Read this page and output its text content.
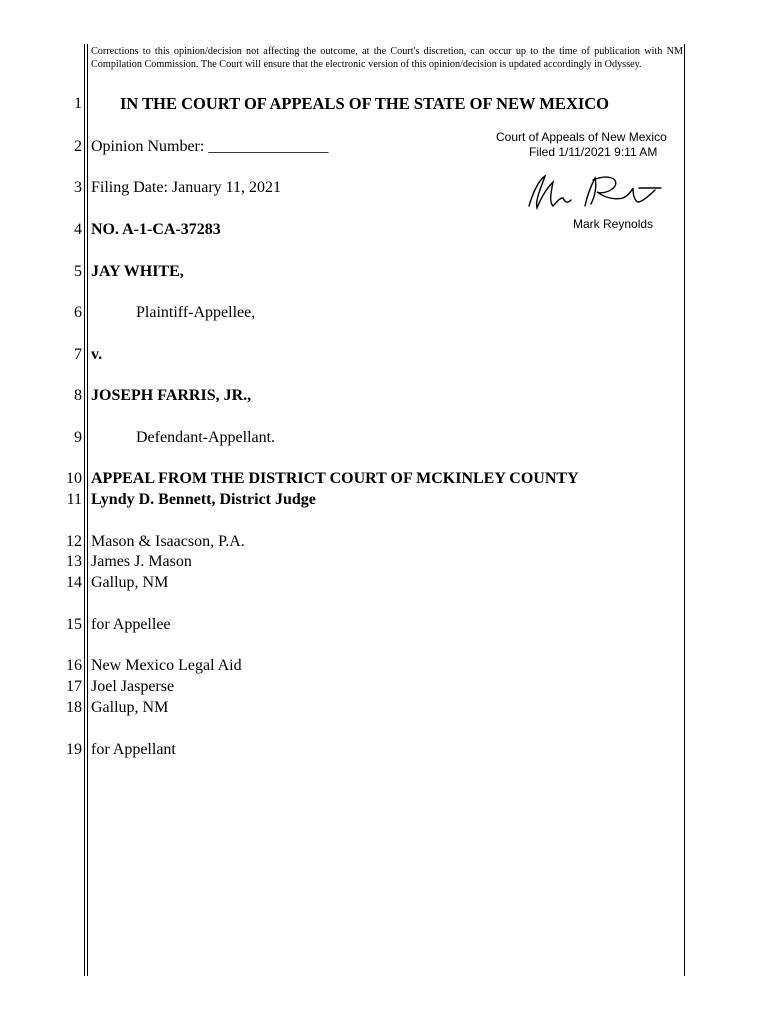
Corrections to this opinion/decision not affecting the outcome, at the Court's discretion, can occur up to the time of publication with NM Compilation Commission. The Court will ensure that the electronic version of this opinion/decision is updated accordingly in Odyssey.
1
2
3
4
5
6
7
8
9
10
11
12
13
14
15
16
17
18
19
IN THE COURT OF APPEALS OF THE STATE OF NEW MEXICO
Opinion Number: _______________
Filing Date: January 11, 2021
NO. A-1-CA-37283
JAY WHITE,
Plaintiff-Appellee,
v.
JOSEPH FARRIS, JR.,
Defendant-Appellant.
APPEAL FROM THE DISTRICT COURT OF MCKINLEY COUNTY
Lyndy D. Bennett, District Judge
Mason & Isaacson, P.A.
James J. Mason
Gallup, NM
for Appellee
New Mexico Legal Aid
Joel Jasperse
Gallup, NM
for Appellant
Court of Appeals of New Mexico
Filed 1/11/2021 9:11 AM
Mark Reynolds
